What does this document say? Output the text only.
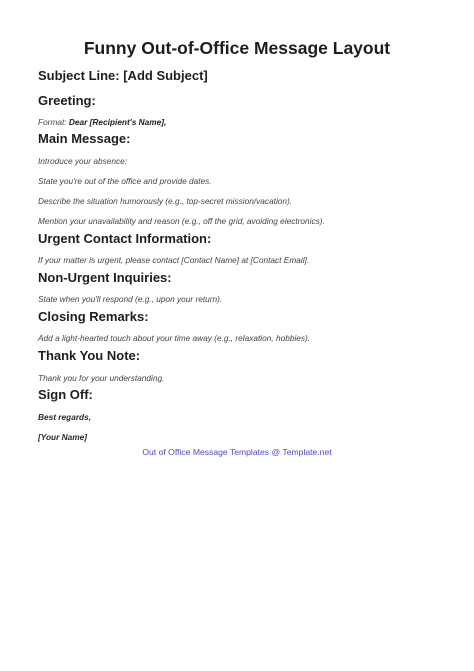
Funny Out-of-Office Message Layout
Subject Line: [Add Subject]
Greeting:
Format: Dear [Recipient's Name],
Main Message:
Introduce your absence:
State you're out of the office and provide dates.
Describe the situation humorously (e.g., top-secret mission/vacation).
Mention your unavailability and reason (e.g., off the grid, avoiding electronics).
Urgent Contact Information:
If your matter is urgent, please contact [Contact Name] at [Contact Email].
Non-Urgent Inquiries:
State when you'll respond (e.g., upon your return).
Closing Remarks:
Add a light-hearted touch about your time away (e.g., relaxation, hobbies).
Thank You Note:
Thank you for your understanding.
Sign Off:
Best regards,
[Your Name]
Out of Office Message Templates @ Template.net
